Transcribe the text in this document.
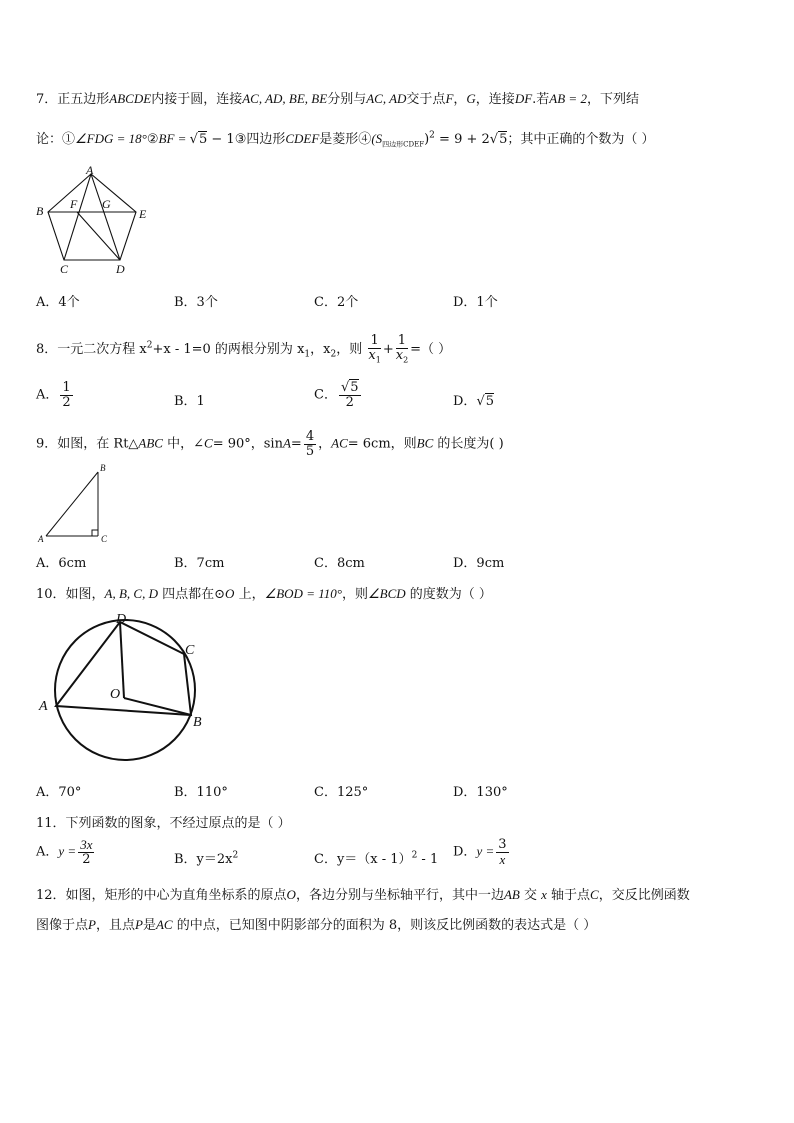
7．正五边形ABCDE内接于圆，连接AC, AD, BE, BE分别与AC, AD交于点F，G，连接DF.若AB = 2，下列结
论：①∠FDG = 18°②BF = √5 − 1③四边形CDEF是菱形$④(S_{四边形CDEF})^2 = 9 + 2√5$；其中正确的个数为（ ）
A
B
C	D
E
F G
A．4个	B．3个	C．2个	D．1个
8．一元二次方程 $x^2+x - 1=0$ 的两根分别为 $x_1$，$x_2$，则 $\frac{1}{x_1} + \frac{1}{x_2}$ =（ ）
A． $\frac{1}{2}$	B．1	C． $\frac{√5}{2}$	D．√5
9．如图，在 Rt△ABC 中，∠C= 90°，$\sin A= \frac{4}{5}$ ，AC= 6cm，则BC 的长度为( )
B
A	C
A．6cm	B．7cm	C．8cm	D．9cm
10．如图，A, B, C, D 四点都在⊙O 上，∠BOD = 110°，则∠BCD 的度数为（ ）
D
C
O
A
B
A．70°	B．110°	C．125°	D．130°
11．下列函数的图象，不经过原点的是（ ）
A．$y = \frac{3x}{2}$	B．$y=2x^2$	C．y＝（x - 1）$^2$ - 1 D．$y = \frac{3}{x}$
12．如图，矩形的中心为直角坐标系的原点O，各边分别与坐标轴平行，其中一边AB 交 x 轴于点C，交反比例函数
图像于点P，且点P是AC 的中点，已知图中阴影部分的面积为 8，则该反比例函数的表达式是（ ）
